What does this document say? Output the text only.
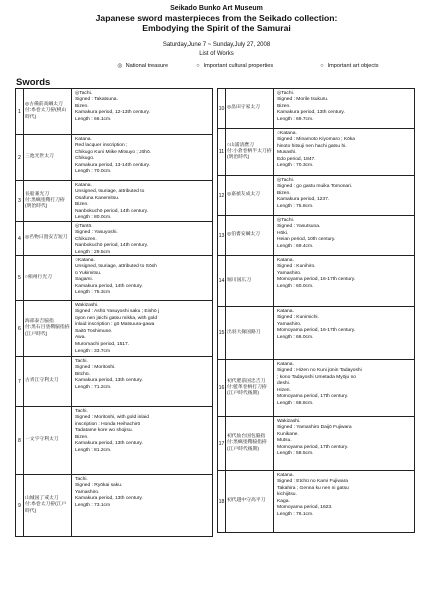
Seikado Bunko Art Museum
Japanese sword masterpieces from the Seikado collection:
Embodying the Spirit of the Samurai
Saturday,June 7 ~ Sunday,July 27, 2008
List of Works
◎ National treasure	○ Important cultural properties	○ Important art objects
Swords
1
◎古備前高綱太刀
付:糸巻太刀拵(桃山時代)
◎Tachi.
Signed : Takatsuna.
Bizen.
Kamakura period, 12-13th century.
Length : 66.1cm.
2 三池光世太刀
Katana.
Red lacquer inscription ;
Chikugo Kuni Miike Mitsuyo ; Jōhō.
Chikugo.
Kamakura period, 13-14th century.
Length : 70.0cm.
3
長船兼光刀
付:黒蝋塗鞘打刀拵(明治時代)
Katana.
Unsigned, tsuriage, attributed to
Osafuna Kanemitsu.
Bizen.
Nanbokuchō period, 14th century.
Length : 80.0cm.
4 ◎名物日置安吉短刀
◎Tantō.
Signed : Yasuyoshi.
Chikuzen.
Nanbokuchō period, 14th century.
Length : 29.5cm
5 ○相州行光刀
○Katana.
Unsigned, tsuriage, attributed to Sōsh
ū Yukimitsu.
Sagami.
Kamakura period, 14th century.
Length : 75.3cm
6
海部泰吉脇指
付:黒石目塗鞘脇指拵(江戸時代)
Wakizashi.
Signed : Ashū Yasuyoshi saku ; Eishō j
ūyon nen jūichi gatsu mikka, with gold
inlaid inscription : gō Matsuura-gawa
Saitō Toshimune.
Awa.
Muromachi period, 1517.
Length : 33.7cm
7 古青江守利太刀
Tachi.
Signed : Moritoshi.
Bitchū.
Kamakura period, 13th century.
Length : 71.2cm.
8 一文字守利太刀
Tachi.
Signed : Moritoshi, with gold inlaid
inscription : Honda Heihachirō
Tadatame kore wo shojisu.
Bizen.
Kamakura period, 13th century.
Length : 81.2cm.
9
山城国了戒太刀
付:糸巻太刀拵(江戸時代)
Tachi.
Signed : Ryōkai saku.
Yamashiro.
Kamakura period, 13th century.
Length : 73.1cm
10 ◎畠田守家太刀
◎Tachi.
Signed : Morile tsukuru.
Bizen.
Kamakura period, 13th century.
Length : 69.7cm.
11
○山浦清麿刀
付:小倉巻柄半太刀拵(明治時代)
○Katana.
Signed : Minamoto Kiyomaro ; Kōka
hinoto hitsuji nen hachi gatsu hi.
Musashi.
Edo period, 1847.
Length : 70.3cm.
12 ◎嘉禎友成太刀
◎Tachi.
Signed : go gastu muika Tomonari.
Bizen.
Kamakura period, 1237.
Length : 75.8cm.
13 ◎伯耆安綱太刀
◎Tachi.
Signed : Yasutsuna.
Hōki.
Heian period, 10th century.
Length : 69.4cm.
14 堀川国広刀
Katana.
Signed : Kunihiro.
Yamashiro.
Momoyama period, 16-17th century.
Length : 60.0cm.
15 出羽大掾国路刀
Katana.
Signed : Kunimichi.
Yamashiro.
Momoyama period, 16-17th century.
Length : 66.0cm.
16
初代肥前国忠吉刀
付:藍革巻柄打刀拵(江戸時代後期)
Katana.
Signed : Hizen no Kuni jūnin Tadayoshi
; kono Tadayoshi Umetada Myōju no
deshi.
Hizen.
Momoyama period, 17th century.
Length : 68.8cm.
17
初代仙台国包脇指
付:黒蝋塗鞘脇指拵(江戸時代後期)
Wakizashi.
Signed : Yamashiro Daijō Fujiwara
Kunikane.
Mutsu.
Momoyama period, 17th century.
Length : 58.5cm.
18 初代越中守高平刀
Katana.
Signed : Etchū no Kami Fujiwara
Takahira ; Genna ku nen ni gatsu
kichijitsu.
Kaga.
Momoyama period, 1623.
Length : 76.1cm.
